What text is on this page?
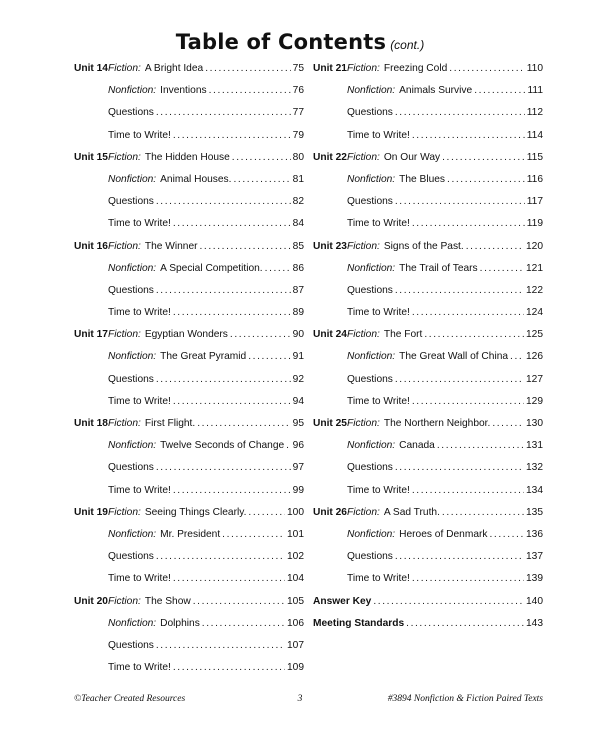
Table of Contents (cont.)
Unit 14 Fiction: A Bright Idea .....	75
Nonfiction: Inventions .....	76
Questions .....	77
Time to Write! .....	79
Unit 15 Fiction: The Hidden House .....	80
Nonfiction: Animal Houses. .....	81
Questions .....	82
Time to Write! .....	84
Unit 16 Fiction: The Winner .....	85
Nonfiction: A Special Competition. .....	86
Questions .....	87
Time to Write! .....	89
Unit 17 Fiction: Egyptian Wonders .....	90
Nonfiction: The Great Pyramid .....	91
Questions .....	92
Time to Write! .....	94
Unit 18 Fiction: First Flight. .....	95
Nonfiction: Twelve Seconds of Change ..... 96
Questions .....	97
Time to Write! .....	99
Unit 19 Fiction: Seeing Things Clearly. .....	100
Nonfiction: Mr. President .....	101
Questions .....	102
Time to Write! .....	104
Unit 20 Fiction: The Show .....	105
Nonfiction: Dolphins .....	106
Questions .....	107
Time to Write! .....	109
Unit 21 Fiction: Freezing Cold .....	110
Nonfiction: Animals Survive .....	111
Questions .....	112
Time to Write! .....	114
Unit 22 Fiction: On Our Way .....	115
Nonfiction: The Blues .....	116
Questions .....	117
Time to Write! .....	119
Unit 23 Fiction: Signs of the Past. .....	120
Nonfiction: The Trail of Tears .....	121
Questions .....	122
Time to Write! .....	124
Unit 24 Fiction: The Fort .....	125
Nonfiction: The Great Wall of China ..... 126
Questions .....	127
Time to Write! .....	129
Unit 25 Fiction: The Northern Neighbor. .....	130
Nonfiction: Canada .....	131
Questions .....	132
Time to Write! .....	134
Unit 26 Fiction: A Sad Truth. .....	135
Nonfiction: Heroes of Denmark .....	136
Questions .....	137
Time to Write! .....	139
Answer Key .....	140
Meeting Standards .....	143
©Teacher Created Resources	3	#3894 Nonfiction & Fiction Paired Texts
